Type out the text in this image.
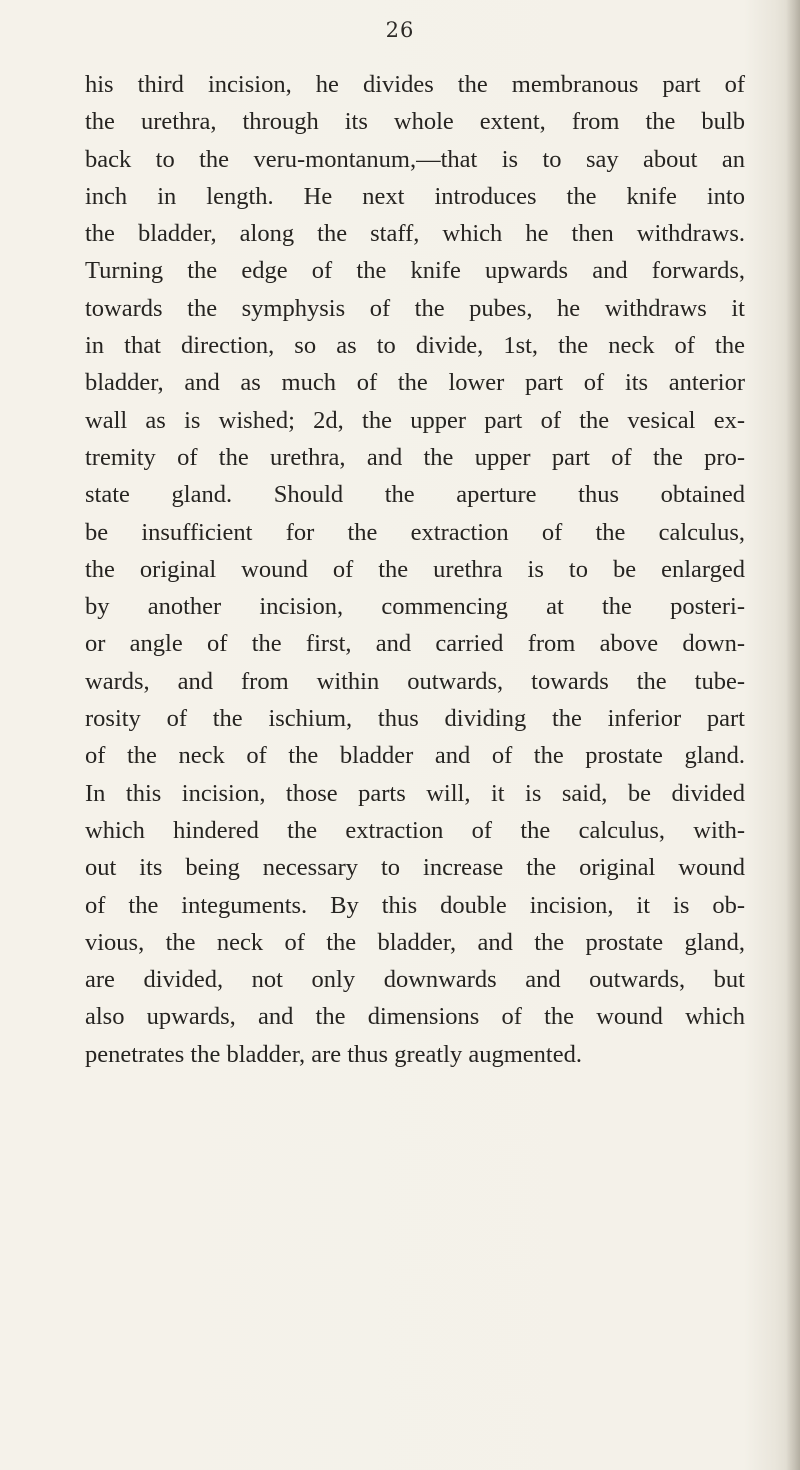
26
his third incision, he divides the membranous part of
the urethra, through its whole extent, from the bulb
back to the veru-montanum,—that is to say about an
inch in length. He next introduces the knife into
the bladder, along the staff, which he then withdraws.
Turning the edge of the knife upwards and forwards,
towards the symphysis of the pubes, he withdraws it
in that direction, so as to divide, 1st, the neck of the
bladder, and as much of the lower part of its anterior
wall as is wished; 2d, the upper part of the vesical ex-
tremity of the urethra, and the upper part of the pro-
state gland. Should the aperture thus obtained
be insufficient for the extraction of the calculus,
the original wound of the urethra is to be enlarged
by another incision, commencing at the posteri-
or angle of the first, and carried from above down-
wards, and from within outwards, towards the tube-
rosity of the ischium, thus dividing the inferior part
of the neck of the bladder and of the prostate gland.
In this incision, those parts will, it is said, be divided
which hindered the extraction of the calculus, with-
out its being necessary to increase the original wound
of the integuments. By this double incision, it is ob-
vious, the neck of the bladder, and the prostate gland,
are divided, not only downwards and outwards, but
also upwards, and the dimensions of the wound which
penetrates the bladder, are thus greatly augmented.
